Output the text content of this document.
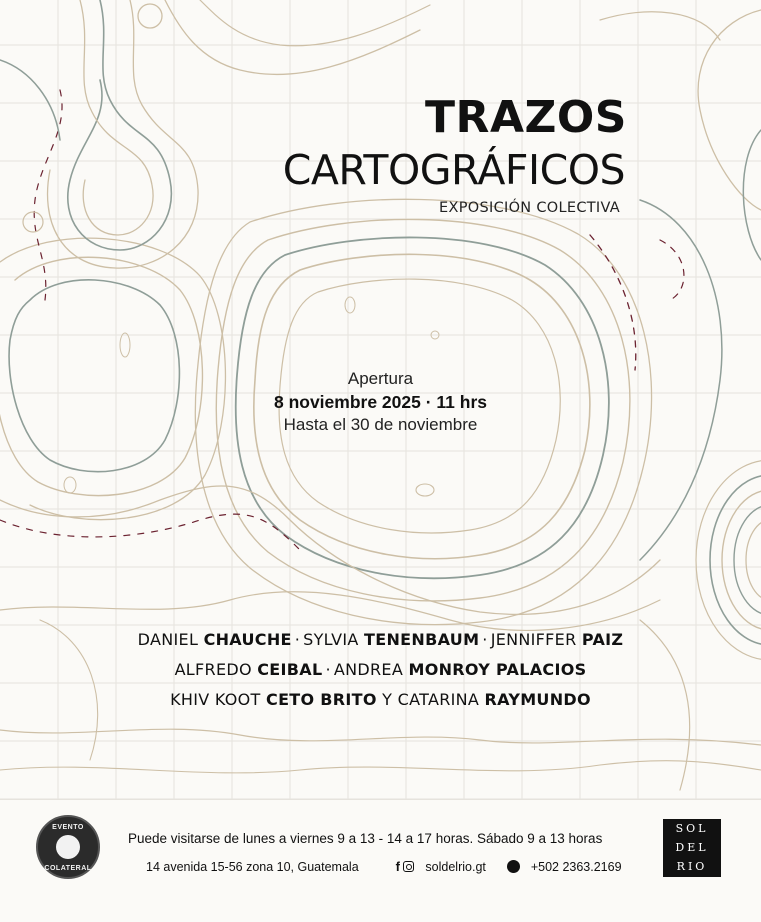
TRAZOS
CARTOGRÁFICOS
EXPOSICIÓN COLECTIVA
Apertura
8 noviembre 2025 · 11 hrs
Hasta el 30 de noviembre
DANIEL CHAUCHE · SYLVIA TENENBAUM · JENNIFFER PAIZ
ALFREDO CEIBAL · ANDREA MONROY PALACIOS
KHIV KOOT CETO BRITO Y CATARINA RAYMUNDO
EVENTO
COLATERAL
Puede visitarse de lunes a viernes 9 a 13 - 14 a 17 horas. Sábado 9 a 13 horas
14 avenida 15-56 zona 10, Guatemala	f soldelrio.gt	+502 2363.2169
SOL
DEL
RIO
